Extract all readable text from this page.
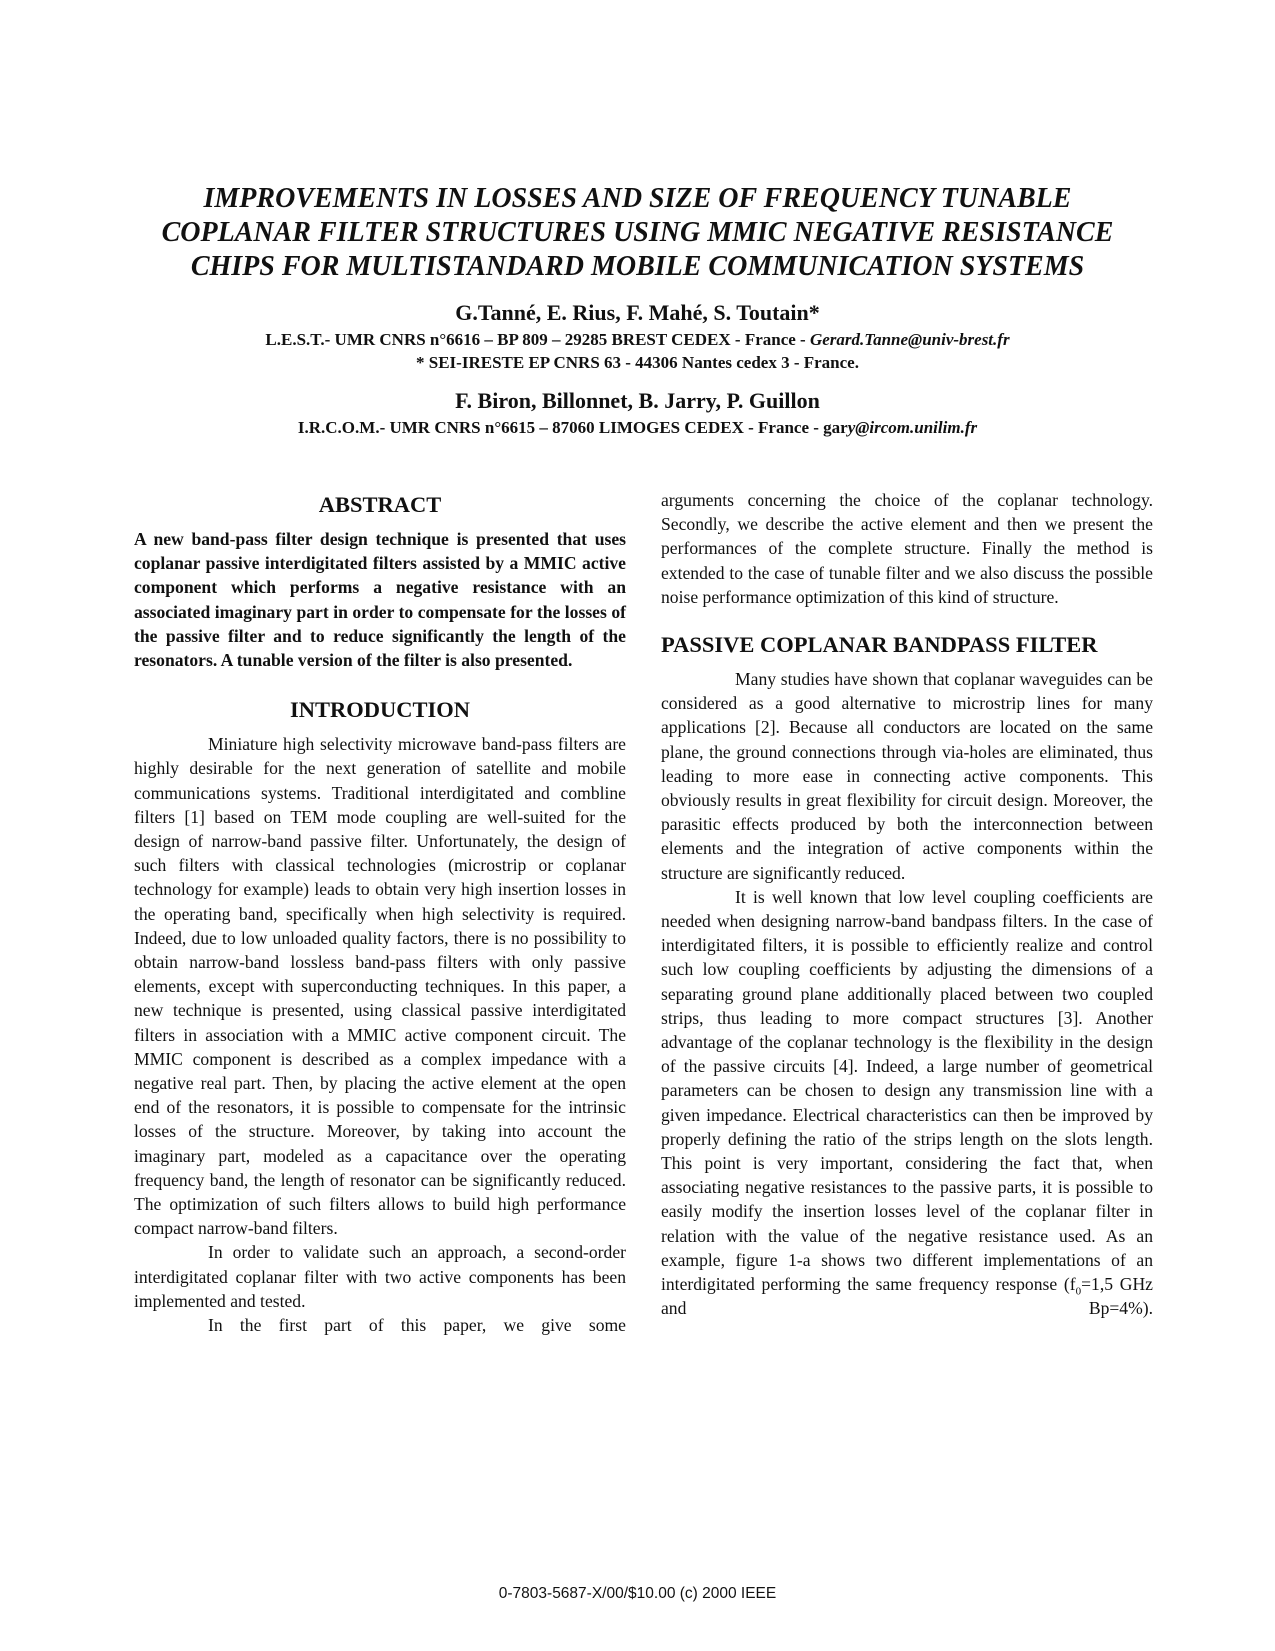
IMPROVEMENTS IN LOSSES AND SIZE OF FREQUENCY TUNABLE
COPLANAR FILTER STRUCTURES USING MMIC NEGATIVE RESISTANCE
CHIPS FOR MULTISTANDARD MOBILE COMMUNICATION SYSTEMS
G.Tanné, E. Rius, F. Mahé, S. Toutain*
L.E.S.T.- UMR CNRS n°6616 – BP 809 – 29285 BREST CEDEX - France - Gerard.Tanne@univ-brest.fr
* SEI-IRESTE EP CNRS 63 - 44306 Nantes cedex 3 - France.
F. Biron, Billonnet, B. Jarry, P. Guillon
I.R.C.O.M.- UMR CNRS n°6615 – 87060 LIMOGES CEDEX - France - gary@ircom.unilim.fr
ABSTRACT

A new band-pass filter design technique is presented that uses coplanar passive interdigitated filters assisted by a MMIC active component which performs a negative resistance with an associated imaginary part in order to compensate for the losses of the passive filter and to reduce significantly the length of the resonators. A tunable version of the filter is also presented.

INTRODUCTION

Miniature high selectivity microwave band-pass filters are highly desirable for the next generation of satellite and mobile communications systems. Traditional interdigitated and combline filters [1] based on TEM mode coupling are well-suited for the design of narrow-band passive filter. Unfortunately, the design of such filters with classical technologies (microstrip or coplanar technology for example) leads to obtain very high insertion losses in the operating band, specifically when high selectivity is required. Indeed, due to low unloaded quality factors, there is no possibility to obtain narrow-band lossless band-pass filters with only passive elements, except with superconducting techniques. In this paper, a new technique is presented, using classical passive interdigitated filters in association with a MMIC active component circuit. The MMIC component is described as a complex impedance with a negative real part. Then, by placing the active element at the open end of the resonators, it is possible to compensate for the intrinsic losses of the structure. Moreover, by taking into account the imaginary part, modeled as a capacitance over the operating frequency band, the length of resonator can be significantly reduced. The optimization of such filters allows to build high performance compact narrow-band filters.

In order to validate such an approach, a second-order interdigitated coplanar filter with two active components has been implemented and tested.

In the first part of this paper, we give some

arguments concerning the choice of the coplanar technology. Secondly, we describe the active element and then we present the performances of the complete structure. Finally the method is extended to the case of tunable filter and we also discuss the possible noise performance optimization of this kind of structure.

PASSIVE COPLANAR BANDPASS FILTER

Many studies have shown that coplanar waveguides can be considered as a good alternative to microstrip lines for many applications [2]. Because all conductors are located on the same plane, the ground connections through via-holes are eliminated, thus leading to more ease in connecting active components. This obviously results in great flexibility for circuit design. Moreover, the parasitic effects produced by both the interconnection between elements and the integration of active components within the structure are significantly reduced.

It is well known that low level coupling coefficients are needed when designing narrow-band bandpass filters. In the case of interdigitated filters, it is possible to efficiently realize and control such low coupling coefficients by adjusting the dimensions of a separating ground plane additionally placed between two coupled strips, thus leading to more compact structures [3]. Another advantage of the coplanar technology is the flexibility in the design of the passive circuits [4]. Indeed, a large number of geometrical parameters can be chosen to design any transmission line with a given impedance. Electrical characteristics can then be improved by properly defining the ratio of the strips length on the slots length. This point is very important, considering the fact that, when associating negative resistances to the passive parts, it is possible to easily modify the insertion losses level of the coplanar filter in relation with the value of the negative resistance used. As an example, figure 1-a shows two different implementations of an interdigitated performing the same frequency response ($f_0=1,5$ GHz and Bp=4%).

0-7803-5687-X/00/$10.00 (c) 2000 IEEE
